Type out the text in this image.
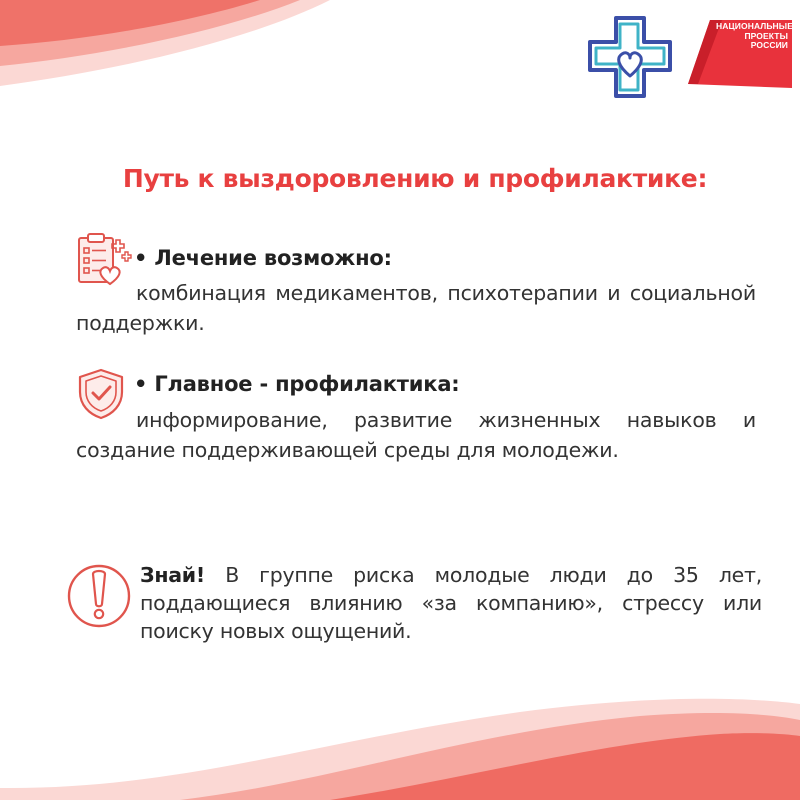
НАЦИОНАЛЬНЫЕ
ПРОЕКТЫ
РОССИИ
Путь к выздоровлению и профилактике:

• Лечение возможно:

комбинация медикаментов, психотерапии и социальной поддержки.

• Главное - профилактика:

информирование, развитие жизненных навыков и создание поддерживающей среды для молодежи.

Знай! В группе риска молодые люди до 35 лет, поддающиеся влиянию «за компанию», стрессу или поиску новых ощущений.
